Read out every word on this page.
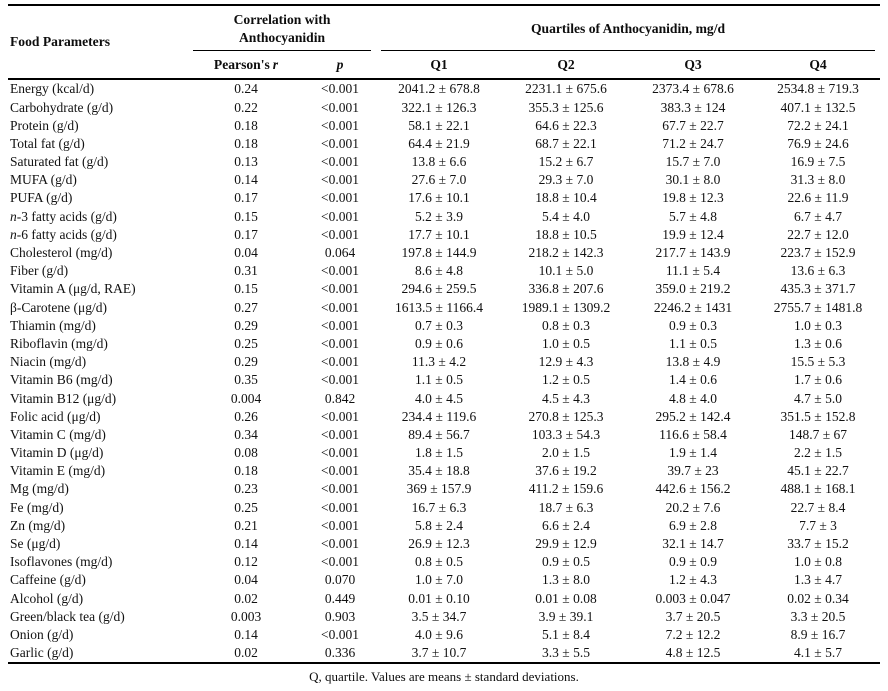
Food Parameters	Correlation with Anthocyanidin		Quartiles of Anthocyanidin, mg/d			
	Pearson's r	p	Q1	Q2	Q3	Q4
Energy (kcal/d)	0.24	<0.001	2041.2 ± 678.8	2231.1 ± 675.6	2373.4 ± 678.6	2534.8 ± 719.3
Carbohydrate (g/d)	0.22	<0.001	322.1 ± 126.3	355.3 ± 125.6	383.3 ± 124	407.1 ± 132.5
Protein (g/d)	0.18	<0.001	58.1 ± 22.1	64.6 ± 22.3	67.7 ± 22.7	72.2 ± 24.1
Total fat (g/d)	0.18	<0.001	64.4 ± 21.9	68.7 ± 22.1	71.2 ± 24.7	76.9 ± 24.6
Saturated fat (g/d)	0.13	<0.001	13.8 ± 6.6	15.2 ± 6.7	15.7 ± 7.0	16.9 ± 7.5
MUFA (g/d)	0.14	<0.001	27.6 ± 7.0	29.3 ± 7.0	30.1 ± 8.0	31.3 ± 8.0
PUFA (g/d)	0.17	<0.001	17.6 ± 10.1	18.8 ± 10.4	19.8 ± 12.3	22.6 ± 11.9
n-3 fatty acids (g/d)	0.15	<0.001	5.2 ± 3.9	5.4 ± 4.0	5.7 ± 4.8	6.7 ± 4.7
n-6 fatty acids (g/d)	0.17	<0.001	17.7 ± 10.1	18.8 ± 10.5	19.9 ± 12.4	22.7 ± 12.0
Cholesterol (mg/d)	0.04	0.064	197.8 ± 144.9	218.2 ± 142.3	217.7 ± 143.9	223.7 ± 152.9
Fiber (g/d)	0.31	<0.001	8.6 ± 4.8	10.1 ± 5.0	11.1 ± 5.4	13.6 ± 6.3
Vitamin A (μg/d, RAE)	0.15	<0.001	294.6 ± 259.5	336.8 ± 207.6	359.0 ± 219.2	435.3 ± 371.7
β-Carotene (μg/d)	0.27	<0.001	1613.5 ± 1166.4	1989.1 ± 1309.2	2246.2 ± 1431	2755.7 ± 1481.8
Thiamin (mg/d)	0.29	<0.001	0.7 ± 0.3	0.8 ± 0.3	0.9 ± 0.3	1.0 ± 0.3
Riboflavin (mg/d)	0.25	<0.001	0.9 ± 0.6	1.0 ± 0.5	1.1 ± 0.5	1.3 ± 0.6
Niacin (mg/d)	0.29	<0.001	11.3 ± 4.2	12.9 ± 4.3	13.8 ± 4.9	15.5 ± 5.3
Vitamin B6 (mg/d)	0.35	<0.001	1.1 ± 0.5	1.2 ± 0.5	1.4 ± 0.6	1.7 ± 0.6
Vitamin B12 (μg/d)	0.004	0.842	4.0 ± 4.5	4.5 ± 4.3	4.8 ± 4.0	4.7 ± 5.0
Folic acid (μg/d)	0.26	<0.001	234.4 ± 119.6	270.8 ± 125.3	295.2 ± 142.4	351.5 ± 152.8
Vitamin C (mg/d)	0.34	<0.001	89.4 ± 56.7	103.3 ± 54.3	116.6 ± 58.4	148.7 ± 67
Vitamin D (μg/d)	0.08	<0.001	1.8 ± 1.5	2.0 ± 1.5	1.9 ± 1.4	2.2 ± 1.5
Vitamin E (mg/d)	0.18	<0.001	35.4 ± 18.8	37.6 ± 19.2	39.7 ± 23	45.1 ± 22.7
Mg (mg/d)	0.23	<0.001	369 ± 157.9	411.2 ± 159.6	442.6 ± 156.2	488.1 ± 168.1
Fe (mg/d)	0.25	<0.001	16.7 ± 6.3	18.7 ± 6.3	20.2 ± 7.6	22.7 ± 8.4
Zn (mg/d)	0.21	<0.001	5.8 ± 2.4	6.6 ± 2.4	6.9 ± 2.8	7.7 ± 3
Se (μg/d)	0.14	<0.001	26.9 ± 12.3	29.9 ± 12.9	32.1 ± 14.7	33.7 ± 15.2
Isoflavones (mg/d)	0.12	<0.001	0.8 ± 0.5	0.9 ± 0.5	0.9 ± 0.9	1.0 ± 0.8
Caffeine (g/d)	0.04	0.070	1.0 ± 7.0	1.3 ± 8.0	1.2 ± 4.3	1.3 ± 4.7
Alcohol (g/d)	0.02	0.449	0.01 ± 0.10	0.01 ± 0.08	0.003 ± 0.047	0.02 ± 0.34
Green/black tea (g/d)	0.003	0.903	3.5 ± 34.7	3.9 ± 39.1	3.7 ± 20.5	3.3 ± 20.5
Onion (g/d)	0.14	<0.001	4.0 ± 9.6	5.1 ± 8.4	7.2 ± 12.2	8.9 ± 16.7
Garlic (g/d)	0.02	0.336	3.7 ± 10.7	3.3 ± 5.5	4.8 ± 12.5	4.1 ± 5.7
Q, quartile. Values are means ± standard deviations.
